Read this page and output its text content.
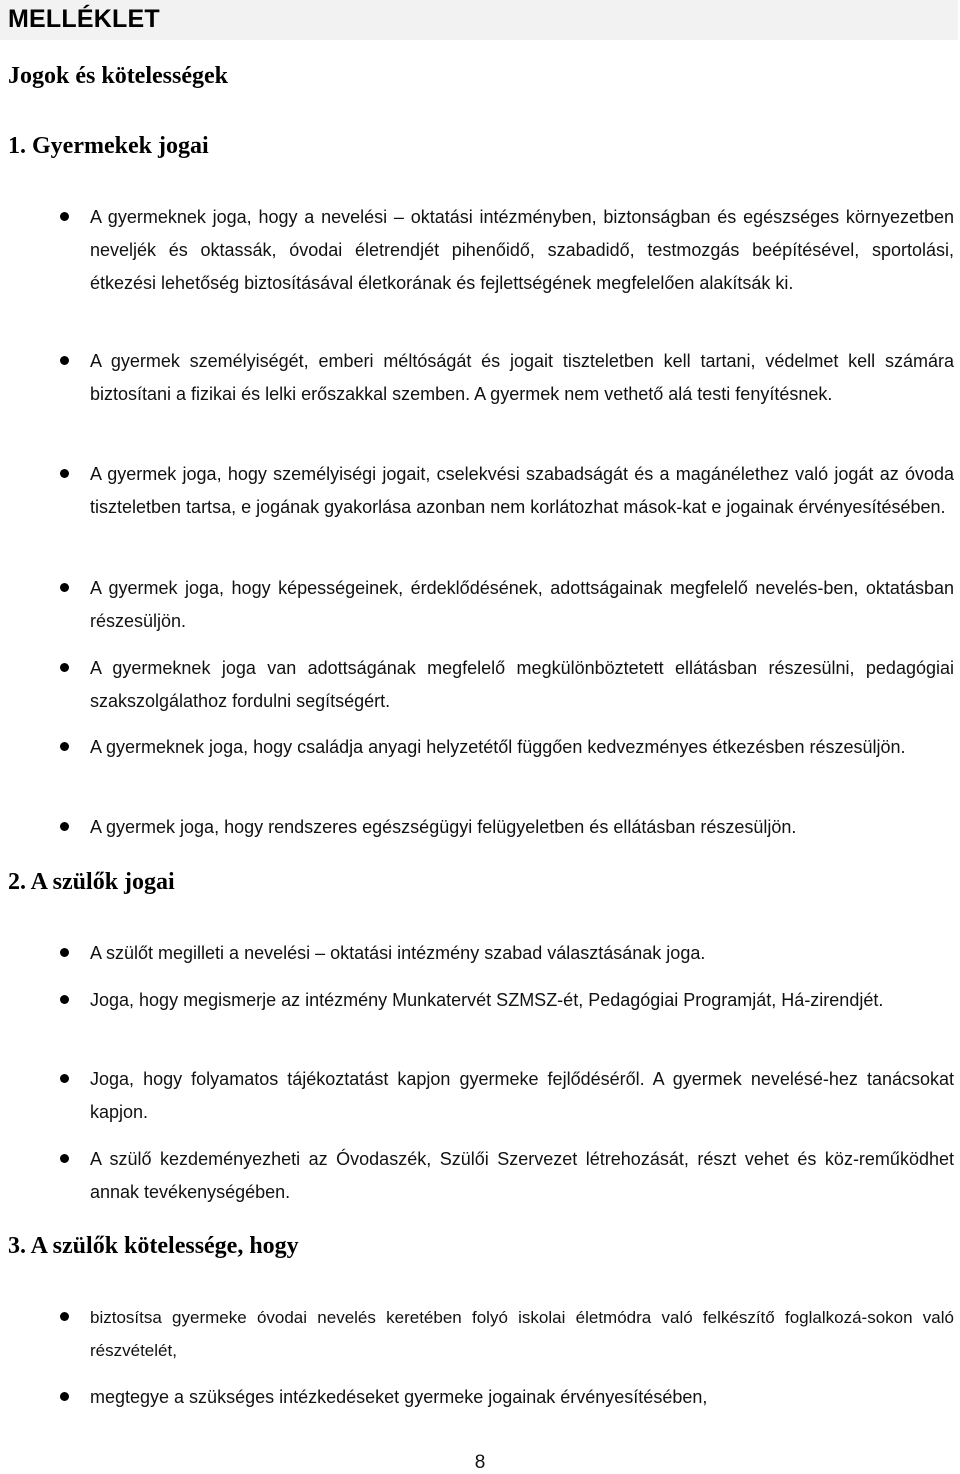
MELLÉKLET
Jogok és kötelességek
1. Gyermekek jogai
A gyermeknek joga, hogy a nevelési – oktatási intézményben, biztonságban és egészséges környezetben neveljék és oktassák, óvodai életrendjét pihenőidő, szabadidő, testmozgás beépítésével, sportolási, étkezési lehetőség biztosításával életkorának és fejlettségének megfelelően alakítsák ki.
A gyermek személyiségét, emberi méltóságát és jogait tiszteletben kell tartani, védelmet kell számára biztosítani a fizikai és lelki erőszakkal szemben. A gyermek nem vethető alá testi fenyítésnek.
A gyermek joga, hogy személyiségi jogait, cselekvési szabadságát és a magánélethez való jogát az óvoda tiszteletben tartsa, e jogának gyakorlása azonban nem korlátozhat mások-kat e jogainak érvényesítésében.
A gyermek joga, hogy képességeinek, érdeklődésének, adottságainak megfelelő nevelés-ben, oktatásban részesüljön.
A gyermeknek joga van adottságának megfelelő megkülönböztetett ellátásban részesülni, pedagógiai szakszolgálathoz fordulni segítségért.
A gyermeknek joga, hogy családja anyagi helyzetétől függően kedvezményes étkezésben részesüljön.
A gyermek joga, hogy rendszeres egészségügyi felügyeletben és ellátásban részesüljön.
2. A szülők jogai
A szülőt megilleti a nevelési – oktatási intézmény szabad választásának joga.
Joga, hogy megismerje az intézmény Munkatervét SZMSZ-ét, Pedagógiai Programját, Há-zirendjét.
Joga, hogy folyamatos tájékoztatást kapjon gyermeke fejlődéséről. A gyermek nevelésé-hez tanácsokat kapjon.
A szülő kezdeményezheti az Óvodaszék, Szülői Szervezet létrehozását, részt vehet és köz-reműködhet annak tevékenységében.
3. A szülők kötelessége, hogy
biztosítsa gyermeke óvodai nevelés keretében folyó iskolai életmódra való felkészítő foglalkozá-sokon való részvételét,
megtegye a szükséges intézkedéseket gyermeke jogainak érvényesítésében,
8
